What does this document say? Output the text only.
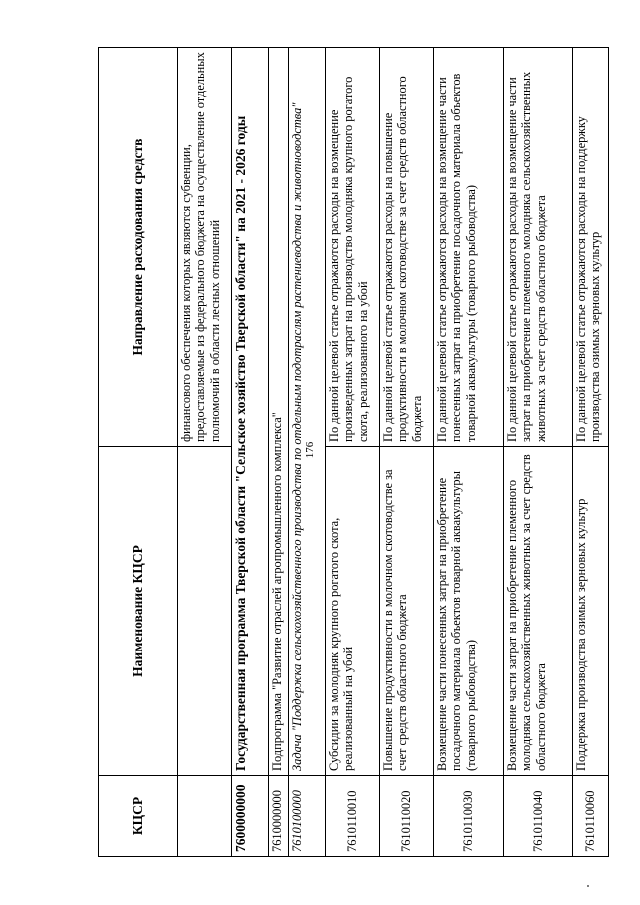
176
КЦСР	Наименование КЦСР	Направление расходования средств
		финансового обеспечения которых являются субвенции, предоставляемые из федерального бюджета на осуществление отдельных полномочий в области лесных отношений
7600000000	Государственная программа Тверской области "Сельское хозяйство Тверской области" на 2021 - 2026 годы	
7610000000	Подпрограмма "Развитие отраслей агропромышленного комплекса"	
7610100000	Задача "Поддержка сельскохозяйственного производства по отдельным подотраслям растениеводства и животноводства"	
7610110010	Субсидии за молодняк крупного рогатого скота, реализованный на убой	По данной целевой статье отражаются расходы на возмещение произведенных затрат на производство молодняка крупного рогатого скота, реализованного на убой
7610110020	Повышение продуктивности в молочном скотоводстве за счет средств областного бюджета	По данной целевой статье отражаются расходы на повышение продуктивности в молочном скотоводстве за счет средств областного бюджета
7610110030	Возмещение части понесенных затрат на приобретение посадочного материала объектов товарной аквакультуры (товарного рыбоводства)	По данной целевой статье отражаются расходы на возмещение части понесенных затрат на приобретение посадочного материала объектов товарной аквакультуры (товарного рыбоводства)
7610110040	Возмещение части затрат на приобретение племенного молодняка сельскохозяйственных животных за счет средств областного бюджета	По данной целевой статье отражаются расходы на возмещение части затрат на приобретение племенного молодняка сельскохозяйственных животных за счет средств областного бюджета
7610110060	Поддержка производства озимых зерновых культур	По данной целевой статье отражаются расходы на поддержку производства озимых зерновых культур
